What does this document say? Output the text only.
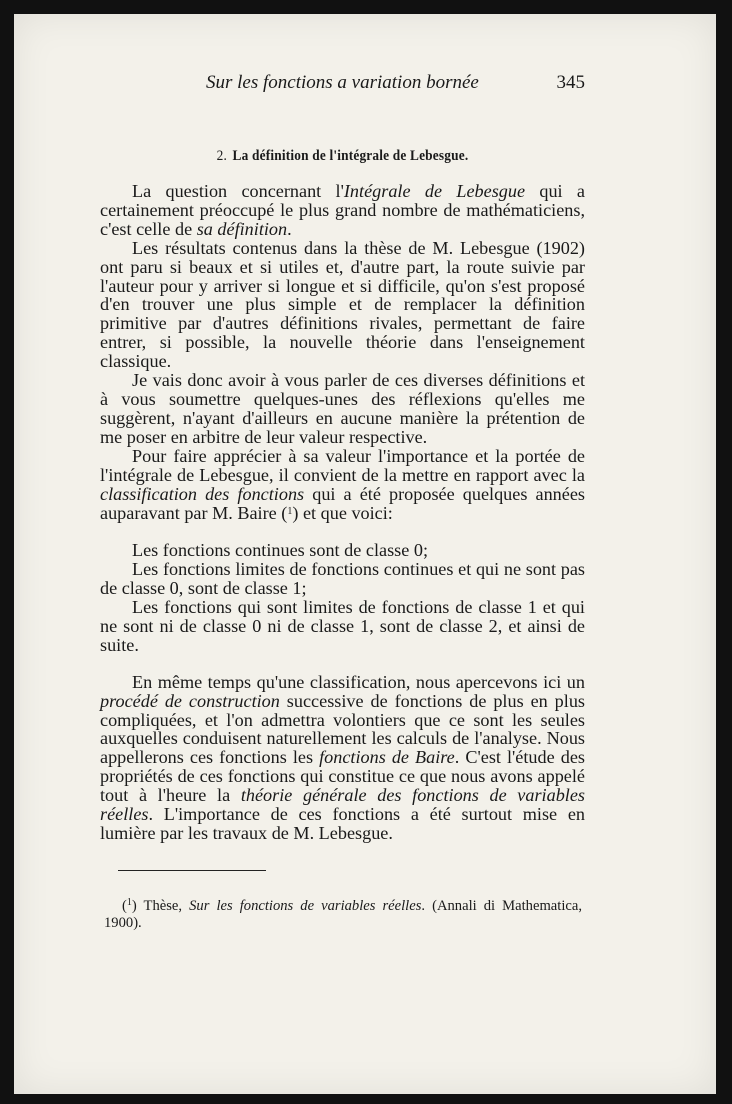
Sur les fonctions a variation bornée	345
2. La définition de l'intégrale de Lebesgue.

La question concernant l'Intégrale de Lebesgue qui a certainement préoccupé le plus grand nombre de mathématiciens, c'est celle de sa définition.

Les résultats contenus dans la thèse de M. Lebesgue (1902) ont paru si beaux et si utiles et, d'autre part, la route suivie par l'auteur pour y arriver si longue et si difficile, qu'on s'est proposé d'en trouver une plus simple et de remplacer la définition primitive par d'autres définitions rivales, permettant de faire entrer, si possible, la nouvelle théorie dans l'enseignement classique.

Je vais donc avoir à vous parler de ces diverses définitions et à vous soumettre quelques-unes des réflexions qu'elles me suggèrent, n'ayant d'ailleurs en aucune manière la prétention de me poser en arbitre de leur valeur respective.

Pour faire apprécier à sa valeur l'importance et la portée de l'intégrale de Lebesgue, il convient de la mettre en rapport avec la classification des fonctions qui a été proposée quelques années auparavant par M. Baire ($^1$) et que voici:

Les fonctions continues sont de classe 0;

Les fonctions limites de fonctions continues et qui ne sont pas de classe 0, sont de classe 1;

Les fonctions qui sont limites de fonctions de classe 1 et qui ne sont ni de classe 0 ni de classe 1, sont de classe 2, et ainsi de suite.

En même temps qu'une classification, nous apercevons ici un procédé de construction successive de fonctions de plus en plus compliquées, et l'on admettra volontiers que ce sont les seules auxquelles conduisent naturellement les calculs de l'analyse. Nous appellerons ces fonctions les fonctions de Baire. C'est l'étude des propriétés de ces fonctions qui constitue ce que nous avons appelé tout à l'heure la théorie générale des fonctions de variables réelles. L'importance de ces fonctions a été surtout mise en lumière par les travaux de M. Lebesgue.

($^1$) Thèse, Sur les fonctions de variables réelles. (Annali di Mathematica, 1900).
